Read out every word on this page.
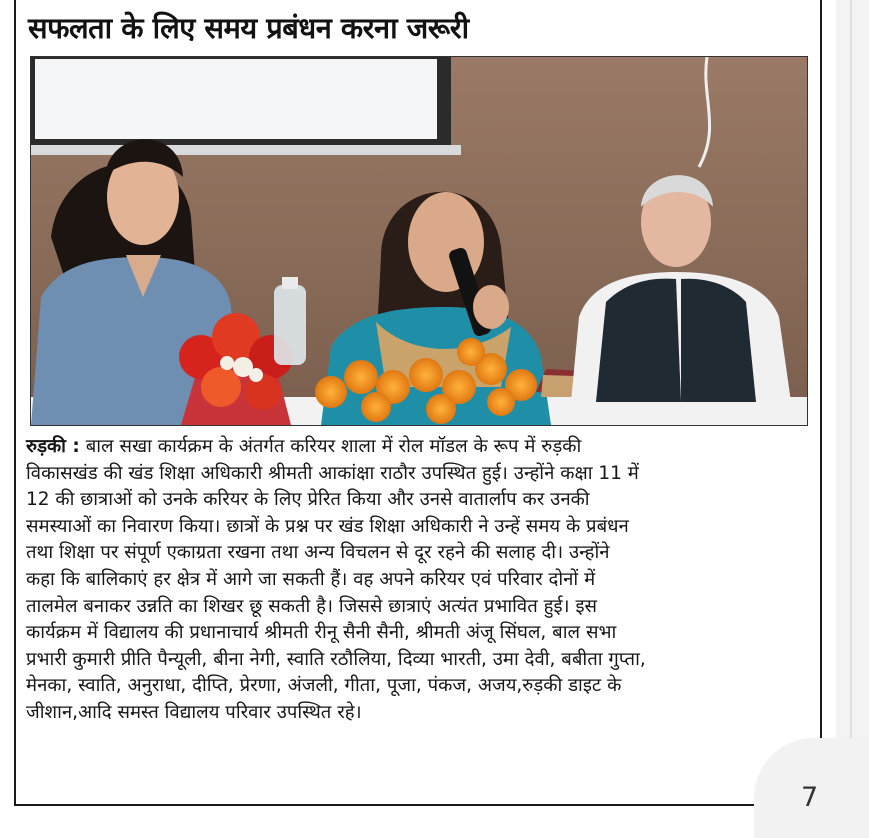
सफलता के लिए समय प्रबंधन करना जरूरी
रुड़की : बाल सखा कार्यक्रम के अंतर्गत करियर शाला में रोल मॉडल के रूप में रुड़की
विकासखंड की खंड शिक्षा अधिकारी श्रीमती आकांक्षा राठौर उपस्थित हुई। उन्होंने कक्षा 11 में
12 की छात्राओं को उनके करियर के लिए प्रेरित किया और उनसे वातार्लाप कर उनकी
समस्याओं का निवारण किया। छात्रों के प्रश्न पर खंड शिक्षा अधिकारी ने उन्हें समय के प्रबंधन
तथा शिक्षा पर संपूर्ण एकाग्रता रखना तथा अन्य विचलन से दूर रहने की सलाह दी। उन्होंने
कहा कि बालिकाएं हर क्षेत्र में आगे जा सकती हैं। वह अपने करियर एवं परिवार दोनों में
तालमेल बनाकर उन्नति का शिखर छू सकती है। जिससे छात्राएं अत्यंत प्रभावित हुई। इस
कार्यक्रम में विद्यालय की प्रधानाचार्य श्रीमती रीनू सैनी सैनी, श्रीमती अंजू सिंघल, बाल सभा
प्रभारी कुमारी प्रीति पैन्यूली, बीना नेगी, स्वाति रठौलिया, दिव्या भारती, उमा देवी, बबीता गुप्ता,
मेनका, स्वाति, अनुराधा, दीप्ति, प्रेरणा, अंजली, गीता, पूजा, पंकज, अजय,रुड़की डाइट के
जीशान,आदि समस्त विद्यालय परिवार उपस्थित रहे।
7
